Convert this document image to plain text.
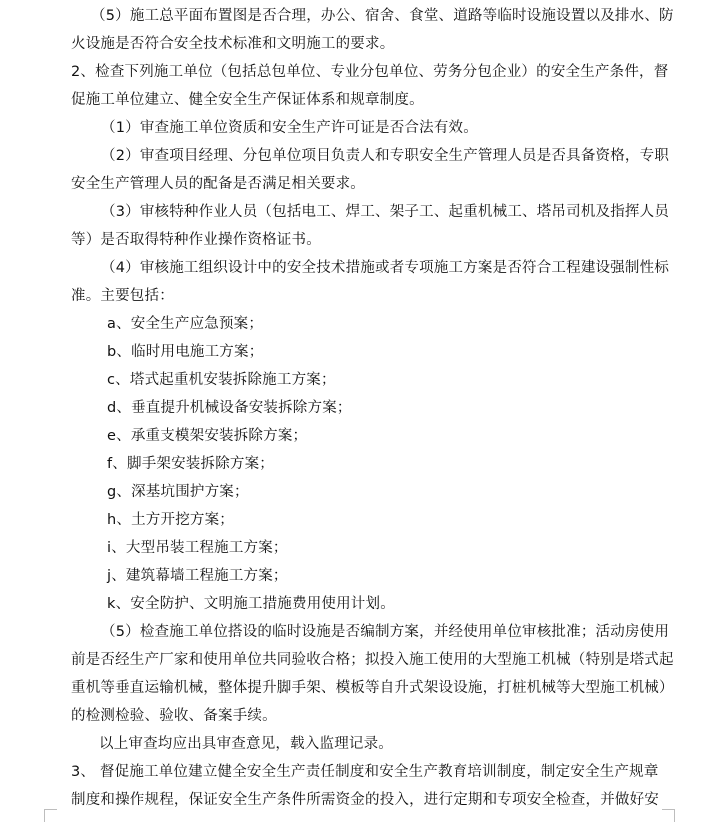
（5）施工总平面布置图是否合理，办公、宿舍、食堂、道路等临时设施设置以及排水、防
火设施是否符合安全技术标准和文明施工的要求。
2、检查下列施工单位（包括总包单位、专业分包单位、劳务分包企业）的安全生产条件，督
促施工单位建立、健全安全生产保证体系和规章制度。
（1）审查施工单位资质和安全生产许可证是否合法有效。
（2）审查项目经理、分包单位项目负责人和专职安全生产管理人员是否具备资格，专职
安全生产管理人员的配备是否满足相关要求。
（3）审核特种作业人员（包括电工、焊工、架子工、起重机械工、塔吊司机及指挥人员
等）是否取得特种作业操作资格证书。
（4）审核施工组织设计中的安全技术措施或者专项施工方案是否符合工程建设强制性标
准。主要包括：
a、安全生产应急预案；
b、临时用电施工方案；
c、塔式起重机安装拆除施工方案；
d、垂直提升机械设备安装拆除方案；
e、承重支模架安装拆除方案；
f、脚手架安装拆除方案；
g、深基坑围护方案；
h、土方开挖方案；
i、大型吊装工程施工方案；
j、建筑幕墙工程施工方案；
k、安全防护、文明施工措施费用使用计划。
（5）检查施工单位搭设的临时设施是否编制方案，并经使用单位审核批准；活动房使用
前是否经生产厂家和使用单位共同验收合格；拟投入施工使用的大型施工机械（特别是塔式起
重机等垂直运输机械，整体提升脚手架、模板等自升式架设设施，打桩机械等大型施工机械）
的检测检验、验收、备案手续。
以上审查均应出具审查意见，载入监理记录。
3、 督促施工单位建立健全安全生产责任制度和安全生产教育培训制度，制定安全生产规章
制度和操作规程，保证安全生产条件所需资金的投入，进行定期和专项安全检查，并做好安
